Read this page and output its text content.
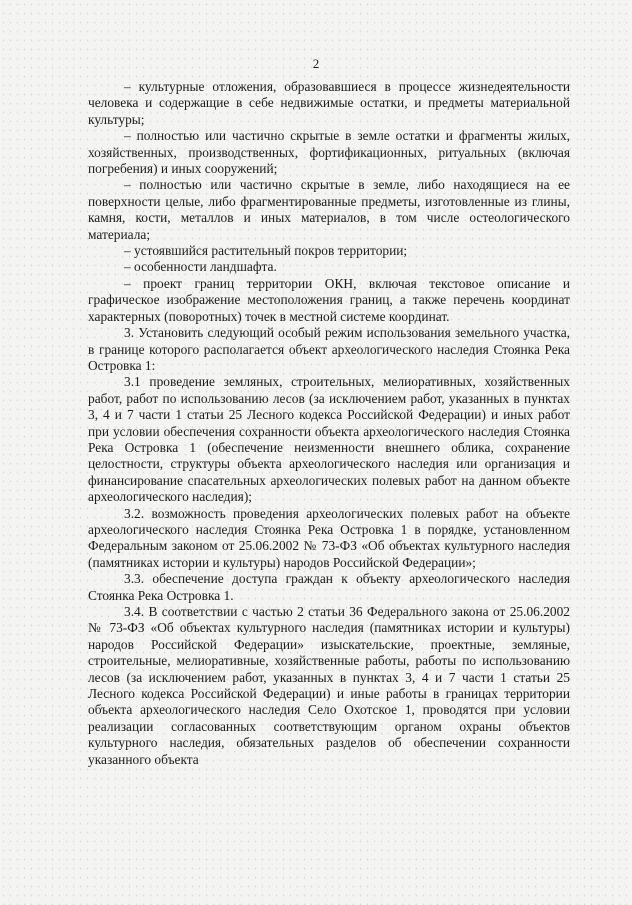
2

– культурные отложения, образовавшиеся в процессе жизнедеятельности человека и содержащие в себе недвижимые остатки, и предметы материальной культуры;

– полностью или частично скрытые в земле остатки и фрагменты жилых, хозяйственных, производственных, фортификационных, ритуальных (включая погребения) и иных сооружений;

– полностью или частично скрытые в земле, либо находящиеся на ее поверхности целые, либо фрагментированные предметы, изготовленные из глины, камня, кости, металлов и иных материалов, в том числе остеологического материала;

– устоявшийся растительный покров территории;

– особенности ландшафта.

– проект границ территории ОКН, включая текстовое описание и графическое изображение местоположения границ, а также перечень координат характерных (поворотных) точек в местной системе координат.

3. Установить следующий особый режим использования земельного участка, в границе которого располагается объект археологического наследия Стоянка Река Островка 1:

3.1 проведение земляных, строительных, мелиоративных, хозяйственных работ, работ по использованию лесов (за исключением работ, указанных в пунктах 3, 4 и 7 части 1 статьи 25 Лесного кодекса Российской Федерации) и иных работ при условии обеспечения сохранности объекта археологического наследия Стоянка Река Островка 1 (обеспечение неизменности внешнего облика, сохранение целостности, структуры объекта археологического наследия или организация и финансирование спасательных археологических полевых работ на данном объекте археологического наследия);

3.2. возможность проведения археологических полевых работ на объекте археологического наследия Стоянка Река Островка 1 в порядке, установленном Федеральным законом от 25.06.2002 № 73-ФЗ «Об объектах культурного наследия (памятниках истории и культуры) народов Российской Федерации»;

3.3. обеспечение доступа граждан к объекту археологического наследия Стоянка Река Островка 1.

3.4. В соответствии с частью 2 статьи 36 Федерального закона от 25.06.2002 № 73-ФЗ «Об объектах культурного наследия (памятниках истории и культуры) народов Российской Федерации» изыскательские, проектные, земляные, строительные, мелиоративные, хозяйственные работы, работы по использованию лесов (за исключением работ, указанных в пунктах 3, 4 и 7 части 1 статьи 25 Лесного кодекса Российской Федерации) и иные работы в границах территории объекта археологического наследия Село Охотское 1, проводятся при условии реализации согласованных соответствующим органом охраны объектов культурного наследия, обязательных разделов об обеспечении сохранности указанного объекта
